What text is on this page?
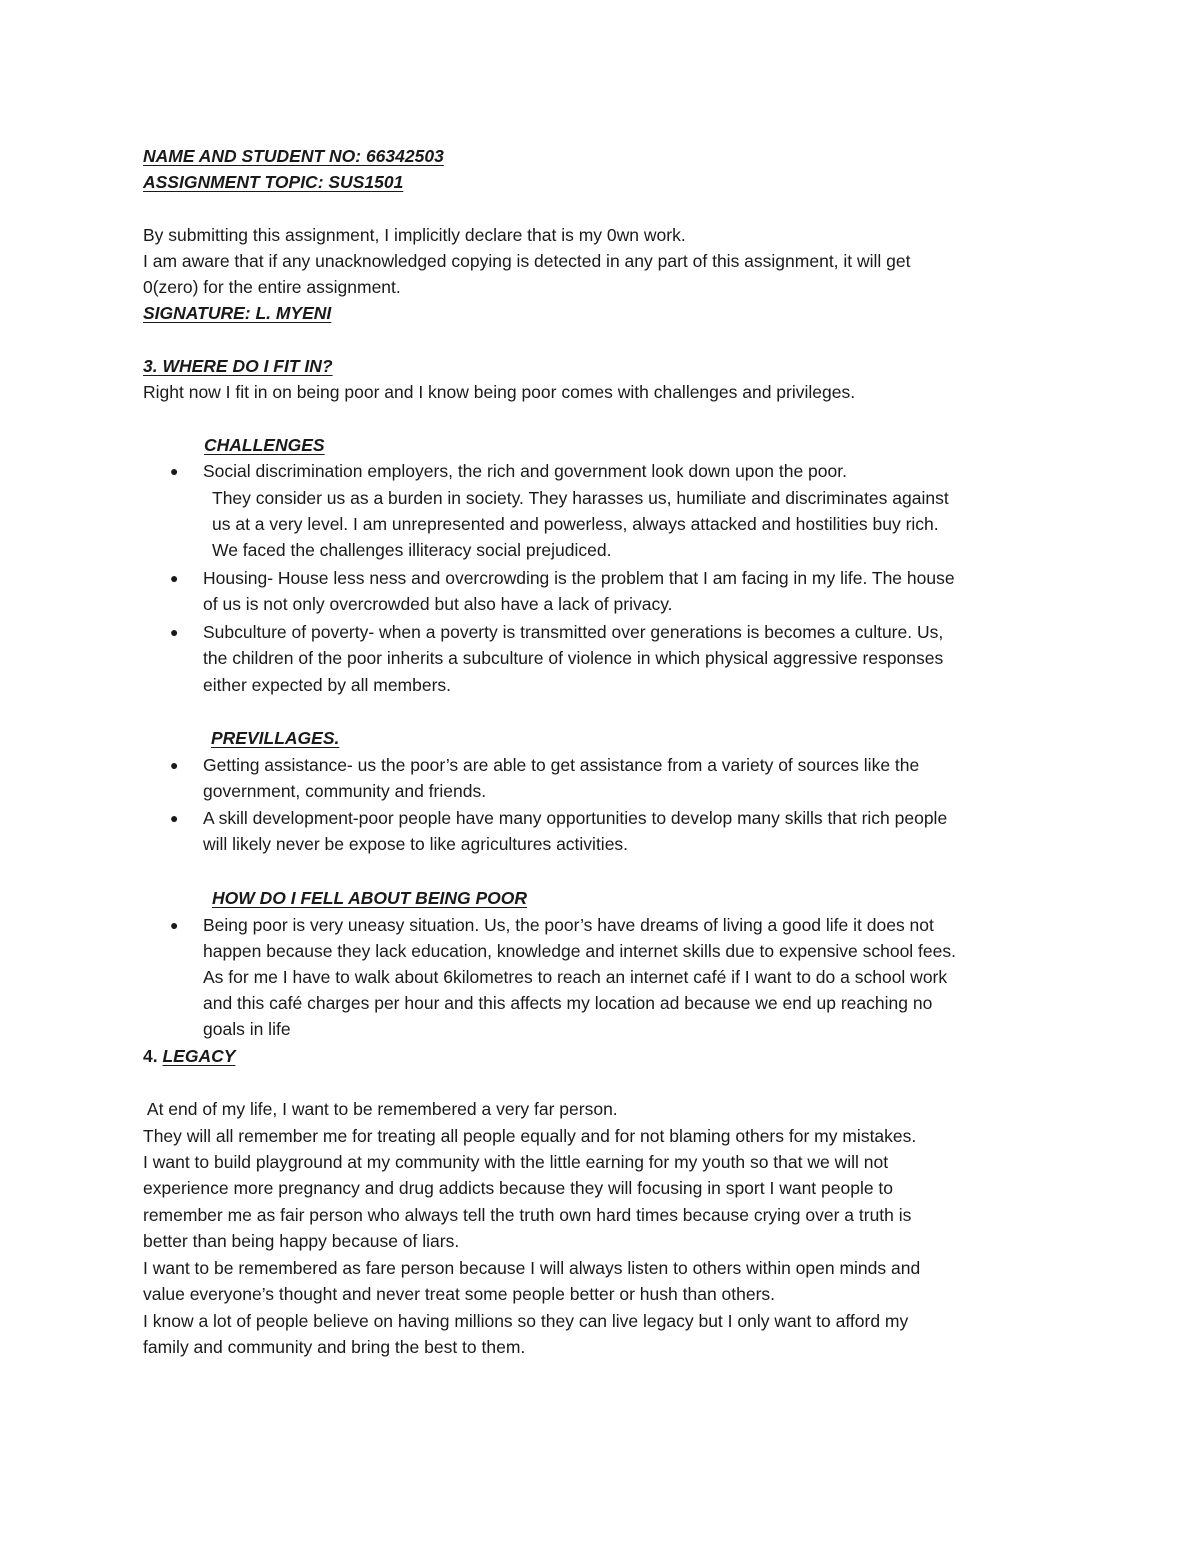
NAME AND STUDENT NO: 66342503

ASSIGNMENT TOPIC: SUS1501

By submitting this assignment, I implicitly declare that is my 0wn work.

I am aware that if any unacknowledged copying is detected in any part of this assignment, it will get

0(zero) for the entire assignment.

SIGNATURE: L. MYENI

3. WHERE DO I FIT IN?

Right now I fit in on being poor and I know being poor comes with challenges and privileges.

CHALLENGES

● Social discrimination employers, the rich and government look down upon the poor.

They consider us as a burden in society. They harasses us, humiliate and discriminates against

us at a very level. I am unrepresented and powerless, always attacked and hostilities buy rich.

We faced the challenges illiteracy social prejudiced.

● Housing- House less ness and overcrowding is the problem that I am facing in my life. The house

of us is not only overcrowded but also have a lack of privacy.

● Subculture of poverty- when a poverty is transmitted over generations is becomes a culture. Us,

the children of the poor inherits a subculture of violence in which physical aggressive responses

either expected by all members.

PREVILLAGES.

● Getting assistance- us the poor’s are able to get assistance from a variety of sources like the

government, community and friends.

● A skill development-poor people have many opportunities to develop many skills that rich people

will likely never be expose to like agricultures activities.

HOW DO I FELL ABOUT BEING POOR

● Being poor is very uneasy situation. Us, the poor’s have dreams of living a good life it does not

happen because they lack education, knowledge and internet skills due to expensive school fees.

As for me I have to walk about 6kilometres to reach an internet café if I want to do a school work

and this café charges per hour and this affects my location ad because we end up reaching no

goals in life

4. LEGACY

At end of my life, I want to be remembered a very far person.

They will all remember me for treating all people equally and for not blaming others for my mistakes.

I want to build playground at my community with the little earning for my youth so that we will not

experience more pregnancy and drug addicts because they will focusing in sport I want people to

remember me as fair person who always tell the truth own hard times because crying over a truth is

better than being happy because of liars.

I want to be remembered as fare person because I will always listen to others within open minds and

value everyone’s thought and never treat some people better or hush than others.

I know a lot of people believe on having millions so they can live legacy but I only want to afford my

family and community and bring the best to them.
